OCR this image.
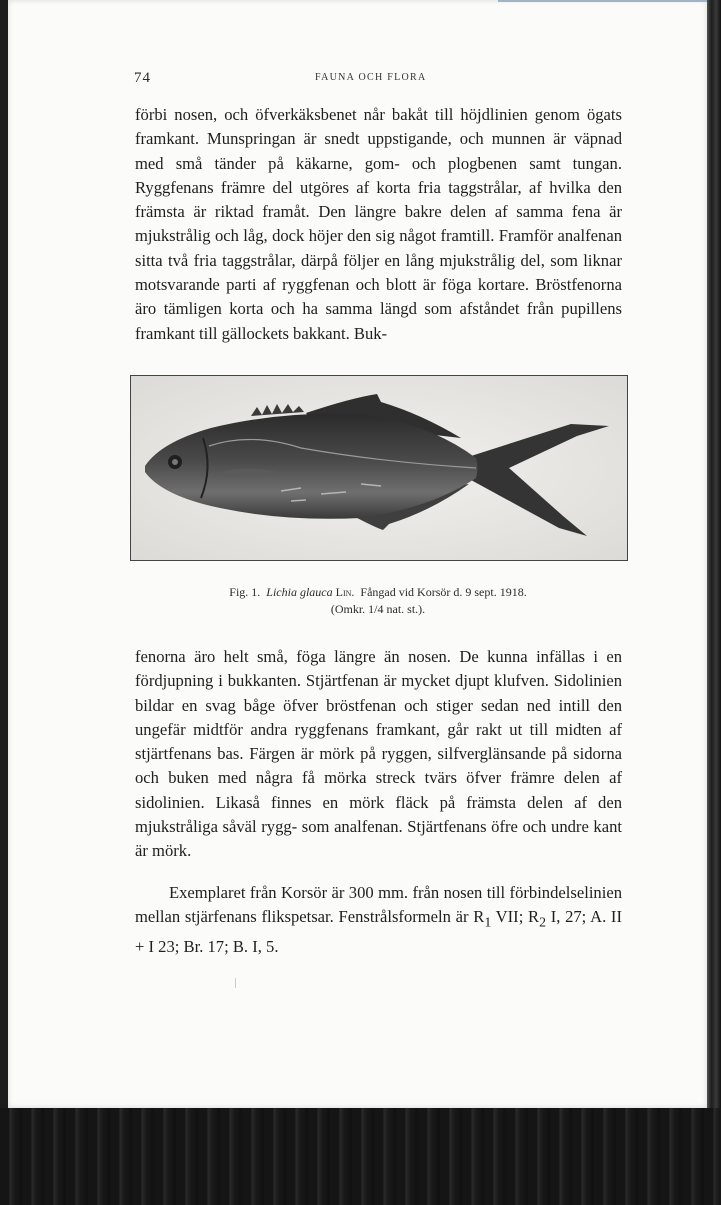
74	FAUNA OCH FLORA

förbi nosen, och öfverkäksbenet når bakåt till höjdlinien genom ögats framkant. Munspringan är snedt uppstigande, och munnen är väpnad med små tänder på käkarne, gom- och plogbenen samt tungan. Ryggfenans främre del utgöres af korta fria taggstrålar, af hvilka den främsta är riktad framåt. Den längre bakre delen af samma fena är mjukstrålig och låg, dock höjer den sig något framtill. Framför analfenan sitta två fria taggstrålar, därpå följer en lång mjukstrålig del, som liknar motsvarande parti af ryggfenan och blott är föga kortare. Bröstfenorna äro tämligen korta och ha samma längd som afståndet från pupillens framkant till gällockets bakkant. Buk-

Fig. 1. Lichia glauca Lin. Fångad vid Korsör d. 9 sept. 1918.
(Omkr. 1/4 nat. st.).

fenorna äro helt små, föga längre än nosen. De kunna infällas i en fördjupning i bukkanten. Stjärtfenan är mycket djupt klufven. Sidolinien bildar en svag båge öfver bröstfenan och stiger sedan ned intill den ungefär midtför andra ryggfenans framkant, går rakt ut till midten af stjärtfenans bas. Färgen är mörk på ryggen, silfverglänsande på sidorna och buken med några få mörka streck tvärs öfver främre delen af sidolinien. Likaså finnes en mörk fläck på främsta delen af den mjukstråliga såväl rygg- som analfenan. Stjärtfenans öfre och undre kant är mörk.

Exemplaret från Korsör är 300 mm. från nosen till förbindelselinien mellan stjärfenans flikspetsar. Fenstrålsformeln är $R_1$ VII; $R_2$ I, 27; A. II + I 23; Br. 17; B. I, 5.
